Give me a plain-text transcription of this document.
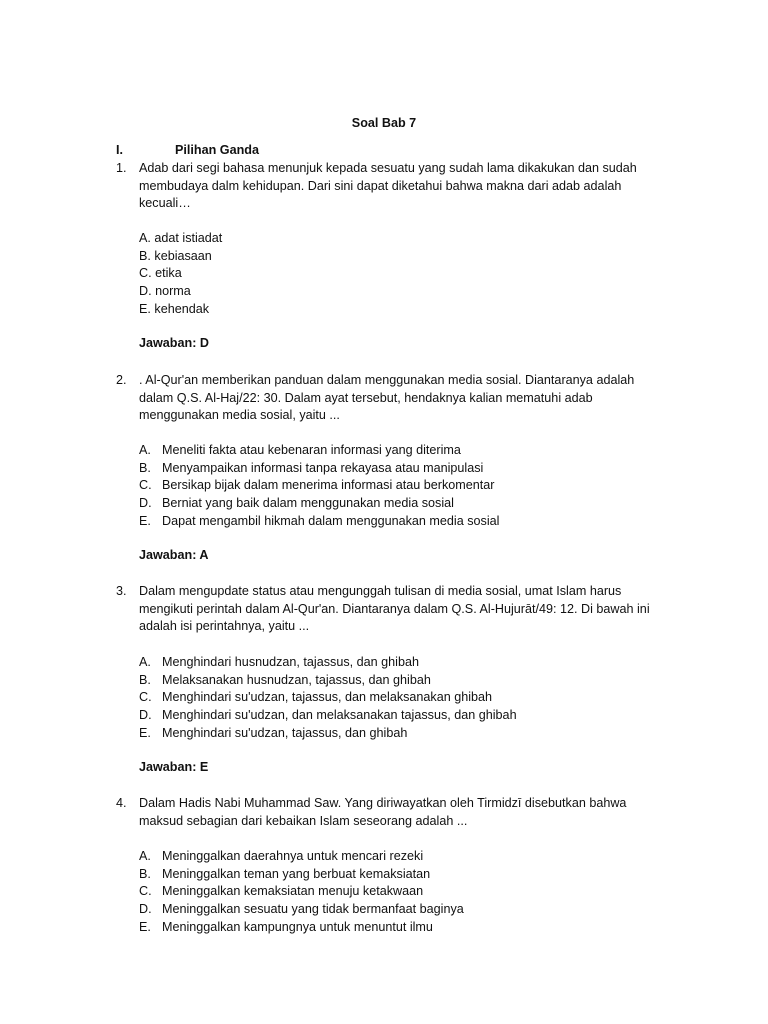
Soal Bab 7
I.	Pilihan Ganda
1. Adab dari segi bahasa menunjuk kepada sesuatu yang sudah lama dikakukan dan sudah membudaya dalm kehidupan. Dari sini dapat diketahui bahwa makna dari adab adalah kecuali…
A. adat istiadat
B. kebiasaan
C. etika
D. norma
E. kehendak
Jawaban: D
2. . Al-Qur'an memberikan panduan dalam menggunakan media sosial. Diantaranya adalah dalam Q.S. Al-Haj/22: 30. Dalam ayat tersebut, hendaknya kalian mematuhi adab menggunakan media sosial, yaitu ...
A. Meneliti fakta atau kebenaran informasi yang diterima
B. Menyampaikan informasi tanpa rekayasa atau manipulasi
C. Bersikap bijak dalam menerima informasi atau berkomentar
D. Berniat yang baik dalam menggunakan media sosial
E. Dapat mengambil hikmah dalam menggunakan media sosial
Jawaban: A
3. Dalam mengupdate status atau mengunggah tulisan di media sosial, umat Islam harus mengikuti perintah dalam Al-Qur'an. Diantaranya dalam Q.S. Al-Hujurāt/49: 12. Di bawah ini adalah isi perintahnya, yaitu ...
A. Menghindari husnudzan, tajassus, dan ghibah
B. Melaksanakan husnudzan, tajassus, dan ghibah
C. Menghindari su'udzan, tajassus, dan melaksanakan ghibah
D. Menghindari su'udzan, dan melaksanakan tajassus, dan ghibah
E. Menghindari su'udzan, tajassus, dan ghibah
Jawaban: E
4. Dalam Hadis Nabi Muhammad Saw. Yang diriwayatkan oleh Tirmidzī disebutkan bahwa maksud sebagian dari kebaikan Islam seseorang adalah ...
A. Meninggalkan daerahnya untuk mencari rezeki
B. Meninggalkan teman yang berbuat kemaksiatan
C. Meninggalkan kemaksiatan menuju ketakwaan
D. Meninggalkan sesuatu yang tidak bermanfaat baginya
E. Meninggalkan kampungnya untuk menuntut ilmu
